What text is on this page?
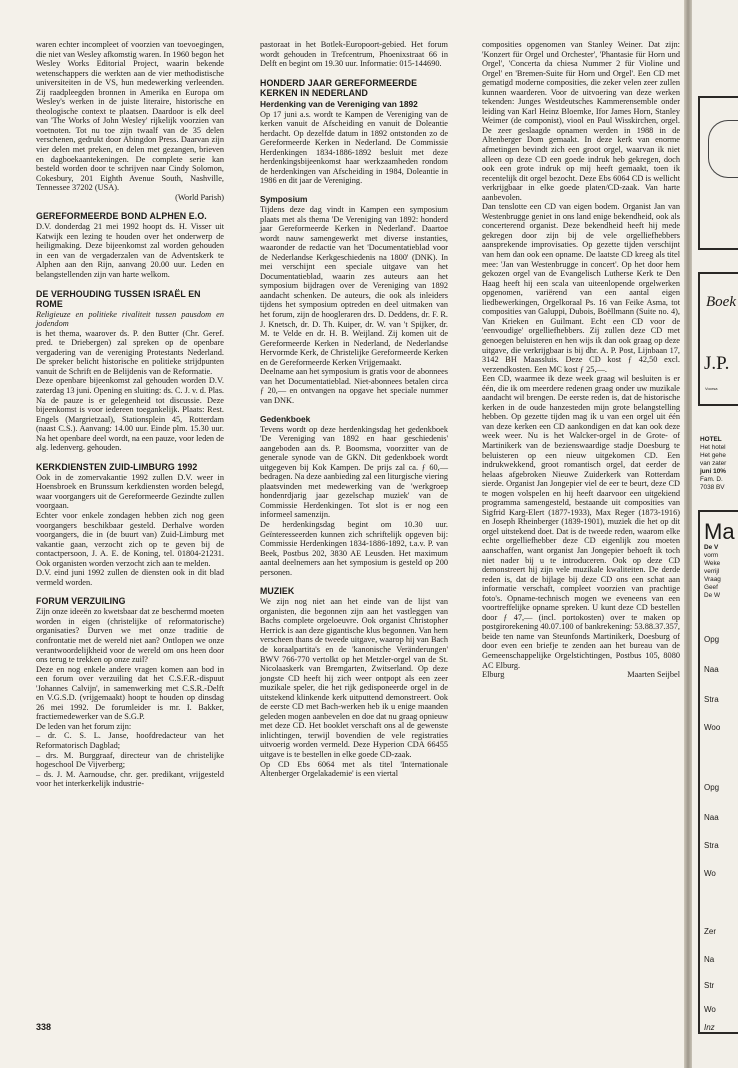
waren echter incompleet of voorzien van toevoegingen, die niet van Wesley afkomstig waren. In 1960 begon het Wesley Works Editorial Project, waarin bekende wetenschappers die werkten aan de vier methodistische universiteiten in de VS, hun medewerking verleenden. Zij raadpleegden bronnen in Amerika en Europa om Wesley's werken in de juiste literaire, historische en theologische context te plaatsen. Daardoor is elk deel van 'The Works of John Wesley' rijkelijk voorzien van voetnoten. Tot nu toe zijn twaalf van de 35 delen verschenen, gedrukt door Abingdon Press. Daarvan zijn vier delen met preken, en delen met gezangen, brieven en dagboekaantekeningen. De complete serie kan besteld worden door te schrijven naar Cindy Solomon, Cokesbury, 201 Eighth Avenue South, Nashville, Tennessee 37202 (USA).

(World Parish)

GEREFORMEERDE BOND ALPHEN E.O.

D.V. donderdag 21 mei 1992 hoopt ds. H. Visser uit Katwijk een lezing te houden over het onderwerp de heiligmaking. Deze bijeenkomst zal worden gehouden in een van de vergaderzalen van de Adventskerk te Alphen aan den Rijn, aanvang 20.00 uur. Leden en belangstellenden zijn van harte welkom.

DE VERHOUDING TUSSEN ISRAËL EN ROME

Religieuze en politieke rivaliteit tussen pausdom en jodendom

is het thema, waarover ds. P. den Butter (Chr. Geref. pred. te Driebergen) zal spreken op de openbare vergadering van de vereniging Protestants Nederland. De spreker belicht historische en politieke strijdpunten vanuit de Schrift en de Belijdenis van de Reformatie.

Deze openbare bijeenkomst zal gehouden worden D.V. zaterdag 13 juni. Opening en sluiting: ds. C. J. v. d. Plas. Na de pauze is er gelegenheid tot discussie. Deze bijeenkomst is voor iedereen toegankelijk. Plaats: Rest. Engels (Margrietzaal), Stationsplein 45, Rotterdam (naast C.S.). Aanvang: 14.00 uur. Einde plm. 15.30 uur. Na het openbare deel wordt, na een pauze, voor leden de alg. ledenverg. gehouden.

KERKDIENSTEN ZUID-LIMBURG 1992

Ook in de zomervakantie 1992 zullen D.V. weer in Hoensbroek en Brunssum kerkdiensten worden belegd, waar voorgangers uit de Gereformeerde Gezindte zullen voorgaan.

Echter voor enkele zondagen hebben zich nog geen voorgangers beschikbaar gesteld. Derhalve worden voorgangers, die in (de buurt van) Zuid-Limburg met vakantie gaan, verzocht zich op te geven bij de contactpersoon, J. A. E. de Koning, tel. 01804-21231. Ook organisten worden verzocht zich aan te melden.

D.V. eind juni 1992 zullen de diensten ook in dit blad vermeld worden.

FORUM VERZUILING

Zijn onze ideeën zo kwetsbaar dat ze beschermd moeten worden in eigen (christelijke of reformatorische) organisaties? Durven we met onze traditie de confrontatie met de wereld niet aan? Ontlopen we onze verantwoordelijkheid voor de wereld om ons heen door ons terug te trekken op onze zuil?

Deze en nog enkele andere vragen komen aan bod in een forum over verzuiling dat het C.S.F.R.-dispuut 'Johannes Calvijn', in samenwerking met C.S.R.-Delft en V.G.S.D. (vrijgemaakt) hoopt te houden op dinsdag 26 mei 1992. De forumleider is mr. I. Bakker, fractiemedewerker van de S.G.P.

De leden van het forum zijn:

– dr. C. S. L. Janse, hoofdredacteur van het Reformatorisch Dagblad;

– drs. M. Burggraaf, directeur van de christelijke hogeschool De Vijverberg;

– ds. J. M. Aarnoudse, chr. ger. predikant, vrijgesteld voor het interkerkelijk industrie-

pastoraat in het Botlek-Europoort-gebied. Het forum wordt gehouden in Trefcentrum, Phoenixstraat 66 in Delft en begint om 19.30 uur. Informatie: 015-144690.

HONDERD JAAR GEREFORMEERDE KERKEN IN NEDERLAND
Herdenking van de Vereniging van 1892

Op 17 juni a.s. wordt te Kampen de Vereniging van de kerken vanuit de Afscheiding en vanuit de Doleantie herdacht. Op dezelfde datum in 1892 ontstonden zo de Gereformeerde Kerken in Nederland. De Commissie Herdenkingen 1834-1886-1892 besluit met deze herdenkingsbijeenkomst haar werkzaamheden rondom de herdenkingen van Afscheiding in 1984, Doleantie in 1986 en dit jaar de Vereniging.

Symposium

Tijdens deze dag vindt in Kampen een symposium plaats met als thema 'De Vereniging van 1892: honderd jaar Gereformeerde Kerken in Nederland'. Daartoe wordt nauw samengewerkt met diverse instanties, waaronder de redactie van het 'Documentatieblad voor de Nederlandse Kerkgeschiedenis na 1800' (DNK). In mei verschijnt een speciale uitgave van het Documentatieblad, waarin zes auteurs aan het symposium bijdragen over de Vereniging van 1892 aandacht schenken. De auteurs, die ook als inleiders tijdens het symposium optreden en deel uitmaken van het forum, zijn de hoogleraren drs. D. Deddens, dr. F. R. J. Knetsch, dr. D. Th. Kuiper, dr. W. van 't Spijker, dr. M. te Velde en dr. H. B. Weijland. Zij komen uit de Gereformeerde Kerken in Nederland, de Nederlandse Hervormde Kerk, de Christelijke Gereformeerde Kerken en de Gereformeerde Kerken Vrijgemaakt.

Deelname aan het symposium is gratis voor de abonnees van het Documentatieblad. Niet-abonnees betalen circa ƒ 20,— en ontvangen na opgave het speciale nummer van DNK.

Gedenkboek

Tevens wordt op deze herdenkingsdag het gedenkboek 'De Vereniging van 1892 en haar geschiedenis' aangeboden aan ds. P. Boomsma, voorzitter van de generale synode van de GKN. Dit gedenkboek wordt uitgegeven bij Kok Kampen. De prijs zal ca. ƒ 60,—bedragen. Na deze aanbieding zal een liturgische viering plaatsvinden met medewerking van de 'werkgroep hondenrdjarig jaar gezelschap muziek' van de Commissie Herdenkingen. Tot slot is er nog een informeel samenzijn.

De herdenkingsdag begint om 10.30 uur. Geïnteresseerden kunnen zich schriftelijk opgeven bij: Commissie Herdenkingen 1834-1886-1892, t.a.v. P. van Beek, Postbus 202, 3830 AE Leusden. Het maximum aantal deelnemers aan het symposium is gesteld op 200 personen.

MUZIEK

We zijn nog niet aan het einde van de lijst van organisten, die begonnen zijn aan het vastleggen van Bachs complete orgeloeuvre. Ook organist Christopher Herrick is aan deze gigantische klus begonnen. Van hem verscheen thans de tweede uitgave, waarop hij van Bach de koraalpartita's en de 'kanonische Veränderungen' BWV 766-770 vertolkt op het Metzler-orgel van de St. Nicolaaskerk van Bremgarten, Zwitserland. Op deze jongste CD heeft hij zich weer ontpopt als een zeer muzikale speler, die het rijk gedisponeerde orgel in de uitstekend klinkende kerk uitputtend demonstreert. Ook de eerste CD met Bach-werken heb ik u enige maanden geleden mogen aanbevelen en doe dat nu graag opnieuw met deze CD. Het booklet verschaft ons al de gewenste inlichtingen, terwijl bovendien de vele registraties uitvoerig worden vermeld. Deze Hyperion CDA 66455 uitgave is te bestellen in elke goede CD-zaak.

Op CD Ebs 6064 met als titel 'Internationale Altenberger Orgelakademie' is een viertal

composities opgenomen van Stanley Weiner. Dat zijn: 'Konzert für Orgel und Orchester', 'Phantasie für Horn und Orgel', 'Concerta da chiesa Nummer 2 für Violine und Orgel' en 'Bremen-Suite für Horn und Orgel'. Een CD met gematigd moderne composities, die zeker velen zeer zullen kunnen waarderen. Voor de uitvoering van deze werken tekenden: Junges Westdeutsches Kammerensemble onder leiding van Karl Heinz Bloemke, Ifor James Horn, Stanley Weimer (de componist), viool en Paul Wisskirchen, orgel. De zeer geslaagde opnamen werden in 1988 in de Altenberger Dom gemaakt. In deze kerk van enorme afmetingen bevindt zich een groot orgel, waarvan ik niet alleen op deze CD een goede indruk heb gekregen, doch ook een grote indruk op mij heeft gemaakt, toen ik recentelijk dit orgel bezocht. Deze Ebs 6064 CD is wellicht verkrijgbaar in elke goede platen/CD-zaak. Van harte aanbevolen.

Dan tenslotte een CD van eigen bodem. Organist Jan van Westenbrugge geniet in ons land enige bekendheid, ook als concerterend organist. Deze bekendheid heeft hij mede gekregen door zijn bij de vele orgelliefhebbers aansprekende improvisaties. Op gezette tijden verschijnt van hem dan ook een opname. De laatste CD kreeg als titel mee: 'Jan van Westenbrugge in concert'. Op het door hem gekozen orgel van de Evangelisch Lutherse Kerk te Den Haag heeft hij een scala van uiteenlopende orgelwerken opgenomen, variërend van een aantal eigen liedbewerkingen, Orgelkoraal Ps. 16 van Feike Asma, tot composities van Galuppi, Dubois, Boëllmann (Suite no. 4), Van Krieken en Guilmant. Echt een CD voor de 'eenvoudige' orgelliefhebbers. Zij zullen deze CD met genoegen beluisteren en hen wijs ik dan ook graag op deze uitgave, die verkrijgbaar is bij dhr. A. P. Post, Lijnbaan 17, 3142 BH Maassluis. Deze CD kost ƒ 42,50 excl. verzendkosten. Een MC kost ƒ 25,—.

Een CD, waarmee ik deze week graag wil besluiten is er één, die ik om meerdere redenen graag onder uw muzikale aandacht wil brengen. De eerste reden is, dat de historische kerken in de oude hanzesteden mijn grote belangstelling hebben. Op gezette tijden mag ik u van een orgel uit één van deze kerken een CD aankondigen en dat kan ook deze week weer. Nu is het Walcker-orgel in de Grote- of Martinikerk van de bezienswaardige stadje Doesburg te beluisteren op een nieuw uitgekomen CD. Een indrukwekkend, groot romantisch orgel, dat eerder de helaas afgebroken Nieuwe Zuiderkerk van Rotterdam sierde. Organist Jan Jongepier viel de eer te beurt, deze CD te mogen volspelen en hij heeft daarvoor een uitgekiend programma samengesteld, bestaande uit composities van Sigfrid Karg-Elert (1877-1933), Max Reger (1873-1916) en Joseph Rheinberger (1839-1901), muziek die het op dit orgel uitstekend doet. Dat is de tweede reden, waarom elke echte orgelliefhebber deze CD eigenlijk zou moeten aanschaffen, want organist Jan Jongepier behoeft ik toch niet nader bij u te introduceren. Ook op deze CD demonstreert hij zijn vele muzikale kwaliteiten. De derde reden is, dat de bijlage bij deze CD ons een schat aan informatie verschaft, compleet voorzien van prachtige foto's. Opname-technisch mogen we eveneens van een voortreffelijke opname spreken. U kunt deze CD bestellen door ƒ 47,— (incl. portokosten) over te maken op postgirorekening 40.07.100 of bankrekening: 53.88.37.357, beide ten name van Steunfonds Martinikerk, Doesburg of door even een briefje te zenden aan het bureau van de Gemeenschappelijke Orgelstichtingen, Postbus 105, 8080 AC Elburg.

Elburg	Maarten Seijbel
338
Boek
J.P.
Voorsa
HOTEL
Het hotel
Het gehe
van zater
juni 10%
Fam. D.
7038 BV
Ma
De V
vorm
Weke
verrijl
Vraag
Geef
De W
Opg
Naa
Stra
Woo
Opg
Naa
Stra
Wo
Zer
Na
Str
Wo
Inz
